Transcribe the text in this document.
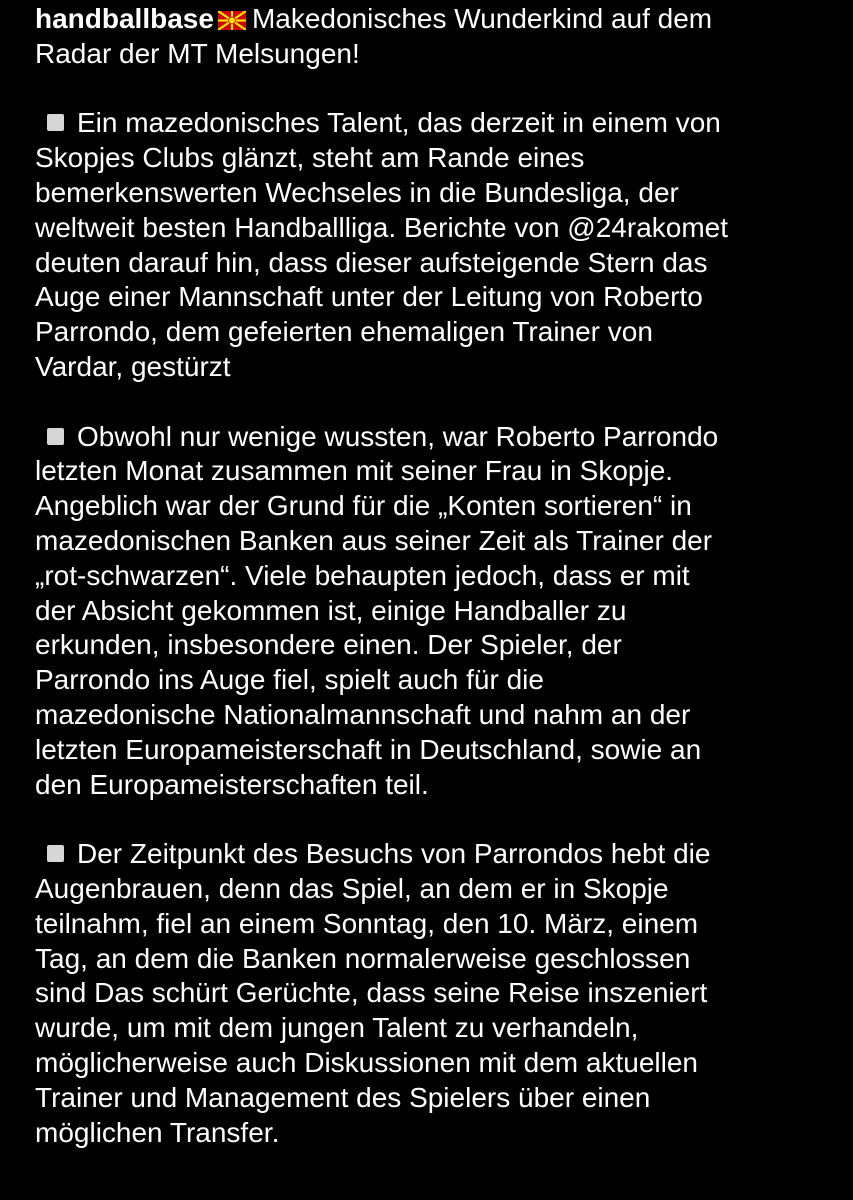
handballbase Makedonisches Wunderkind auf dem
Radar der MT Melsungen!
Ein mazedonisches Talent, das derzeit in einem von
Skopjes Clubs glänzt, steht am Rande eines
bemerkenswerten Wechseles in die Bundesliga, der
weltweit besten Handballliga. Berichte von @24rakomet
deuten darauf hin, dass dieser aufsteigende Stern das
Auge einer Mannschaft unter der Leitung von Roberto
Parrondo, dem gefeierten ehemaligen Trainer von
Vardar, gestürzt
Obwohl nur wenige wussten, war Roberto Parrondo
letzten Monat zusammen mit seiner Frau in Skopje.
Angeblich war der Grund für die „Konten sortieren“ in
mazedonischen Banken aus seiner Zeit als Trainer der
„rot-schwarzen“. Viele behaupten jedoch, dass er mit
der Absicht gekommen ist, einige Handballer zu
erkunden, insbesondere einen. Der Spieler, der
Parrondo ins Auge fiel, spielt auch für die
mazedonische Nationalmannschaft und nahm an der
letzten Europameisterschaft in Deutschland, sowie an
den Europameisterschaften teil.
Der Zeitpunkt des Besuchs von Parrondos hebt die
Augenbrauen, denn das Spiel, an dem er in Skopje
teilnahm, fiel an einem Sonntag, den 10. März, einem
Tag, an dem die Banken normalerweise geschlossen
sind Das schürt Gerüchte, dass seine Reise inszeniert
wurde, um mit dem jungen Talent zu verhandeln,
möglicherweise auch Diskussionen mit dem aktuellen
Trainer und Management des Spielers über einen
möglichen Transfer.
